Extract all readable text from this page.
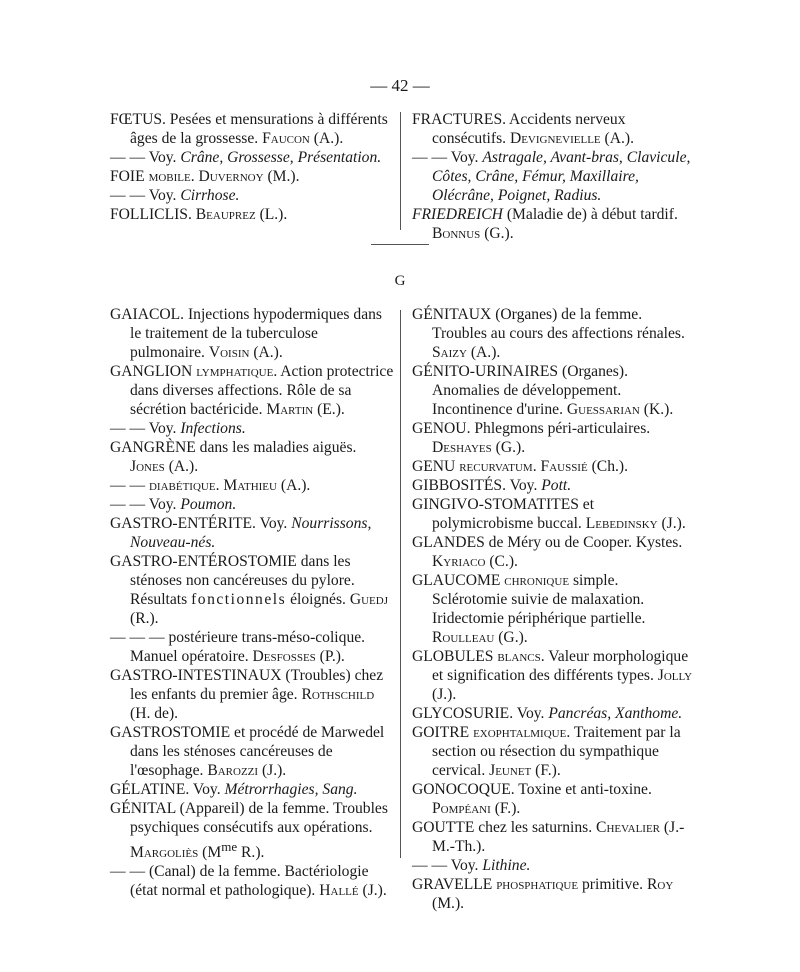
— 42 —

FŒTUS. Pesées et mensurations à différents âges de la grossesse. Faucon (A.).

— — Voy. Crâne, Grossesse, Présentation.

FOIE mobile. Duvernoy (M.).

— — Voy. Cirrhose.

FOLLICLIS. Beauprez (L.).

FRACTURES. Accidents nerveux consécutifs. Devignevielle (A.).

— — Voy. Astragale, Avant-bras, Clavicule, Côtes, Crâne, Fémur, Maxillaire, Olécrâne, Poignet, Radius.

FRIEDREICH (Maladie de) à début tardif. Bonnus (G.).

G

GAIACOL. Injections hypodermiques dans le traitement de la tuberculose pulmonaire. Voisin (A.).

GANGLION lymphatique. Action protectrice dans diverses affections. Rôle de sa sécrétion bactéricide. Martin (E.).

— — Voy. Infections.

GANGRÈNE dans les maladies aiguës. Jones (A.).

— — diabétique. Mathieu (A.).

— — Voy. Poumon.

GASTRO-ENTÉRITE. Voy. Nourrissons, Nouveau-nés.

GASTRO-ENTÉROSTOMIE dans les sténoses non cancéreuses du pylore. Résultats fonctionnels éloignés. Guedj (R.).

— — — postérieure trans-méso-colique. Manuel opératoire. Desfosses (P.).

GASTRO-INTESTINAUX (Troubles) chez les enfants du premier âge. Rothschild (H. de).

GASTROSTOMIE et procédé de Marwedel dans les sténoses cancéreuses de l'œsophage. Barozzi (J.).

GÉLATINE. Voy. Métrorrhagies, Sang.

GÉNITAL (Appareil) de la femme. Troubles psychiques consécutifs aux opérations. Margoliès ($M^{me}$ R.).

— — (Canal) de la femme. Bactériologie (état normal et pathologique). Hallé (J.).

GÉNITAUX (Organes) de la femme. Troubles au cours des affections rénales. Saizy (A.).

GÉNITO-URINAIRES (Organes). Anomalies de développement. Incontinence d'urine. Guessarian (K.).

GENOU. Phlegmons péri-articulaires. Deshayes (G.).

GENU recurvatum. Faussié (Ch.).

GIBBOSITÉS. Voy. Pott.

GINGIVO-STOMATITES et polymicrobisme buccal. Lebedinsky (J.).

GLANDES de Méry ou de Cooper. Kystes. Kyriaco (C.).

GLAUCOME chronique simple. Sclérotomie suivie de malaxation. Iridectomie périphérique partielle. Roulleau (G.).

GLOBULES blancs. Valeur morphologique et signification des différents types. Jolly (J.).

GLYCOSURIE. Voy. Pancréas, Xanthome.

GOITRE exophtalmique. Traitement par la section ou résection du sympathique cervical. Jeunet (F.).

GONOCOQUE. Toxine et anti-toxine. Pompéani (F.).

GOUTTE chez les saturnins. Chevalier (J.-M.-Th.).

— — Voy. Lithine.

GRAVELLE phosphatique primitive. Roy (M.).
